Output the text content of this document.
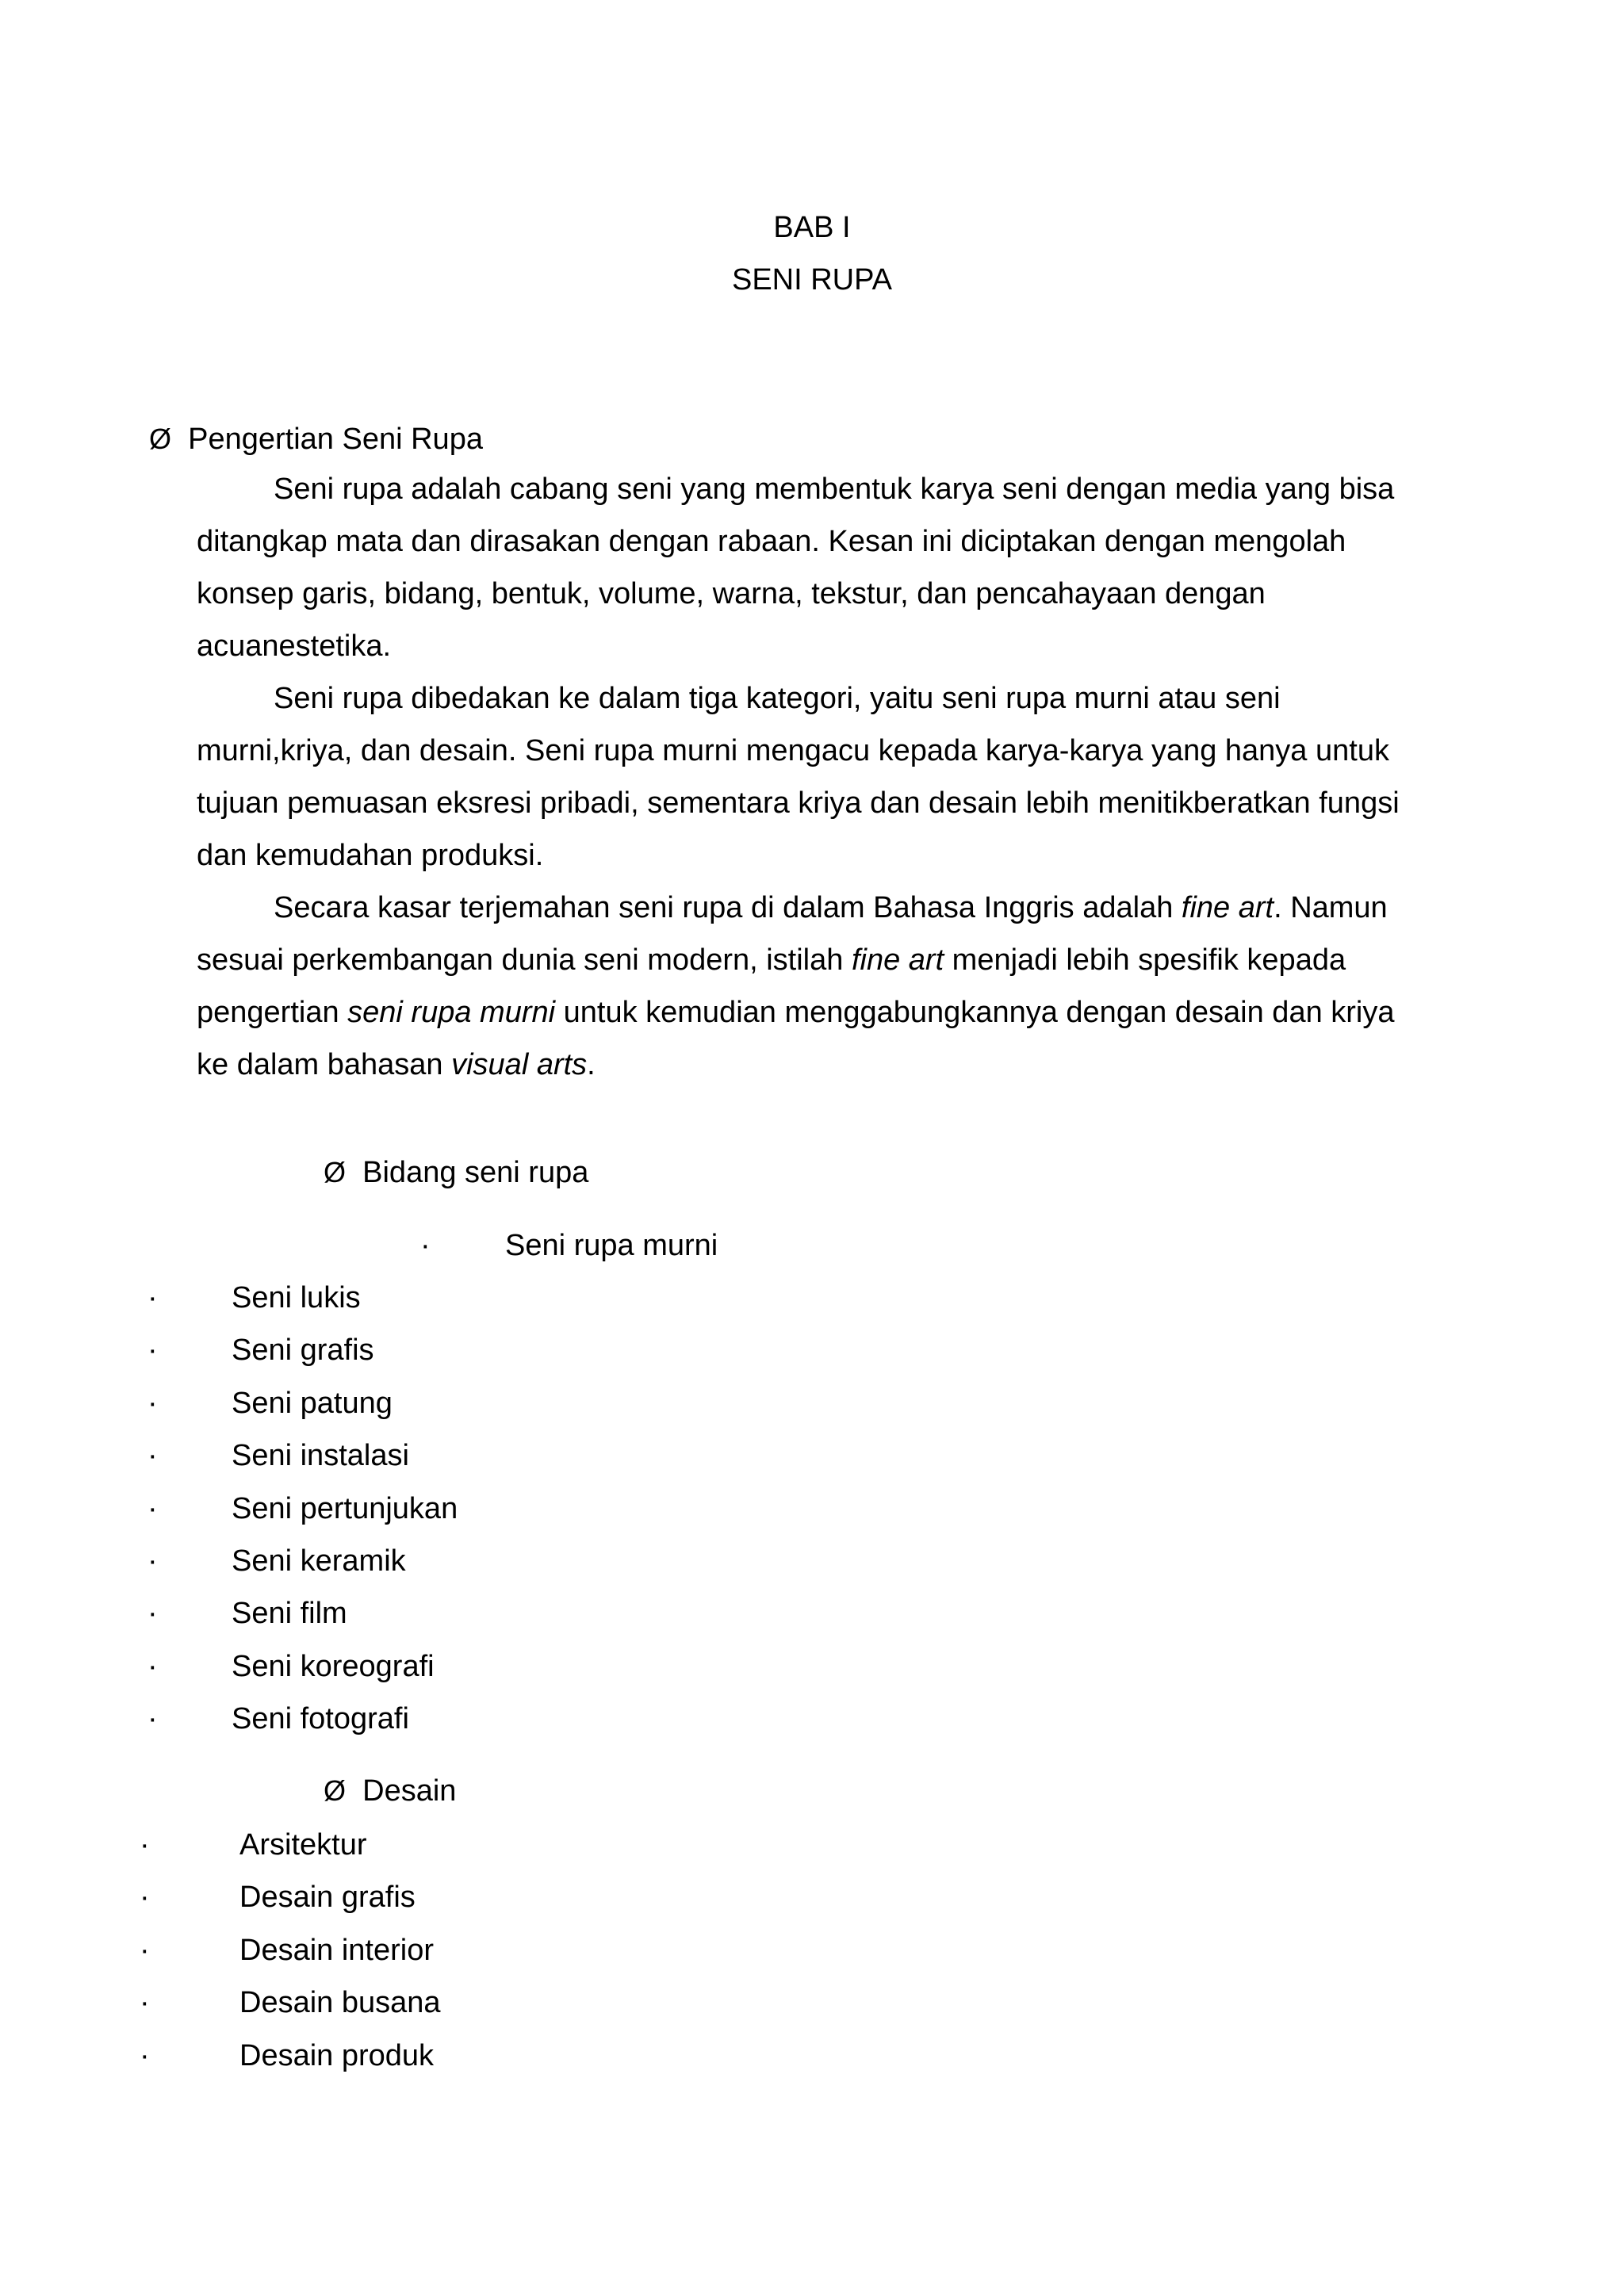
BAB I
SENI RUPA
Ø Pengertian Seni Rupa
Seni rupa adalah cabang seni yang membentuk karya seni dengan media yang bisa
ditangkap mata dan dirasakan dengan rabaan. Kesan ini diciptakan dengan mengolah
konsep garis, bidang, bentuk, volume, warna, tekstur, dan pencahayaan dengan
acuanestetika.
Seni rupa dibedakan ke dalam tiga kategori, yaitu seni rupa murni atau seni
murni,kriya, dan desain. Seni rupa murni mengacu kepada karya-karya yang hanya untuk
tujuan pemuasan eksresi pribadi, sementara kriya dan desain lebih menitikberatkan fungsi
dan kemudahan produksi.
Secara kasar terjemahan seni rupa di dalam Bahasa Inggris adalah fine art. Namun
sesuai perkembangan dunia seni modern, istilah fine art menjadi lebih spesifik kepada
pengertian seni rupa murni untuk kemudian menggabungkannya dengan desain dan kriya
ke dalam bahasan visual arts.
Ø Bidang seni rupa
· Seni rupa murni
· Seni lukis
· Seni grafis
· Seni patung
· Seni instalasi
· Seni pertunjukan
· Seni keramik
· Seni film
· Seni koreografi
· Seni fotografi
Ø Desain
·	Arsitektur
·	Desain grafis
·	Desain interior
·	Desain busana
·	Desain produk
